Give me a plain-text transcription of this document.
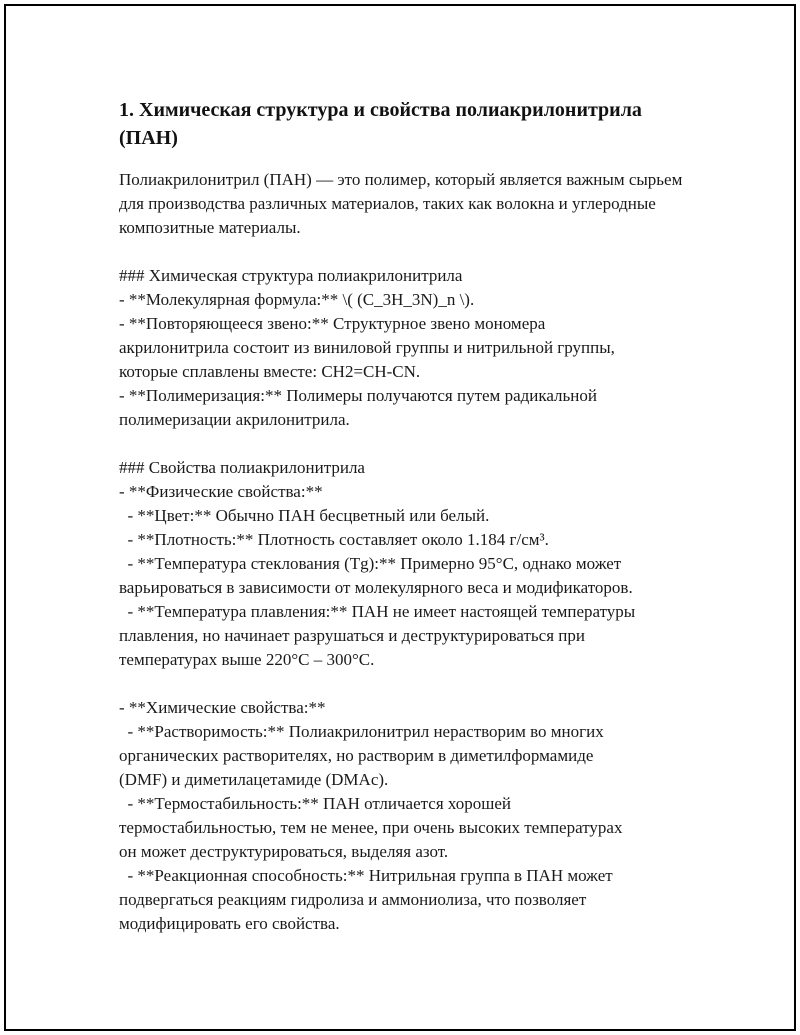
1. Химическая структура и свойства полиакрилонитрила (ПАН)

Полиакрилонитрил (ПАН) — это полимер, который является важным сырьем для производства различных материалов, таких как волокна и углеродные композитные материалы.

### Химическая структура полиакрилонитрила
- **Молекулярная формула:** \( (C_3H_3N)_n \).
- **Повторяющееся звено:** Структурное звено мономера
акрилонитрила состоит из виниловой группы и нитрильной группы,
которые сплавлены вместе: CH2=CH-CN.
- **Полимеризация:** Полимеры получаются путем радикальной
полимеризации акрилонитрила.
### Свойства полиакрилонитрила
- **Физические свойства:**
- **Цвет:** Обычно ПАН бесцветный или белый.
- **Плотность:** Плотность составляет около 1.184 г/см³.
- **Температура стеклования (Tg):** Примерно 95°C, однако может
варьироваться в зависимости от молекулярного веса и модификаторов.
- **Температура плавления:** ПАН не имеет настоящей температуры
плавления, но начинает разрушаться и деструктурироваться при
температурах выше 220°C – 300°C.
- **Химические свойства:**
- **Растворимость:** Полиакрилонитрил нерастворим во многих
органических растворителях, но растворим в диметилформамиде
(DMF) и диметилацетамиде (DMAc).
- **Термостабильность:** ПАН отличается хорошей
термостабильностью, тем не менее, при очень высоких температурах
он может деструктурироваться, выделяя азот.
- **Реакционная способность:** Нитрильная группа в ПАН может
подвергаться реакциям гидролиза и аммониолиза, что позволяет
модифицировать его свойства.
